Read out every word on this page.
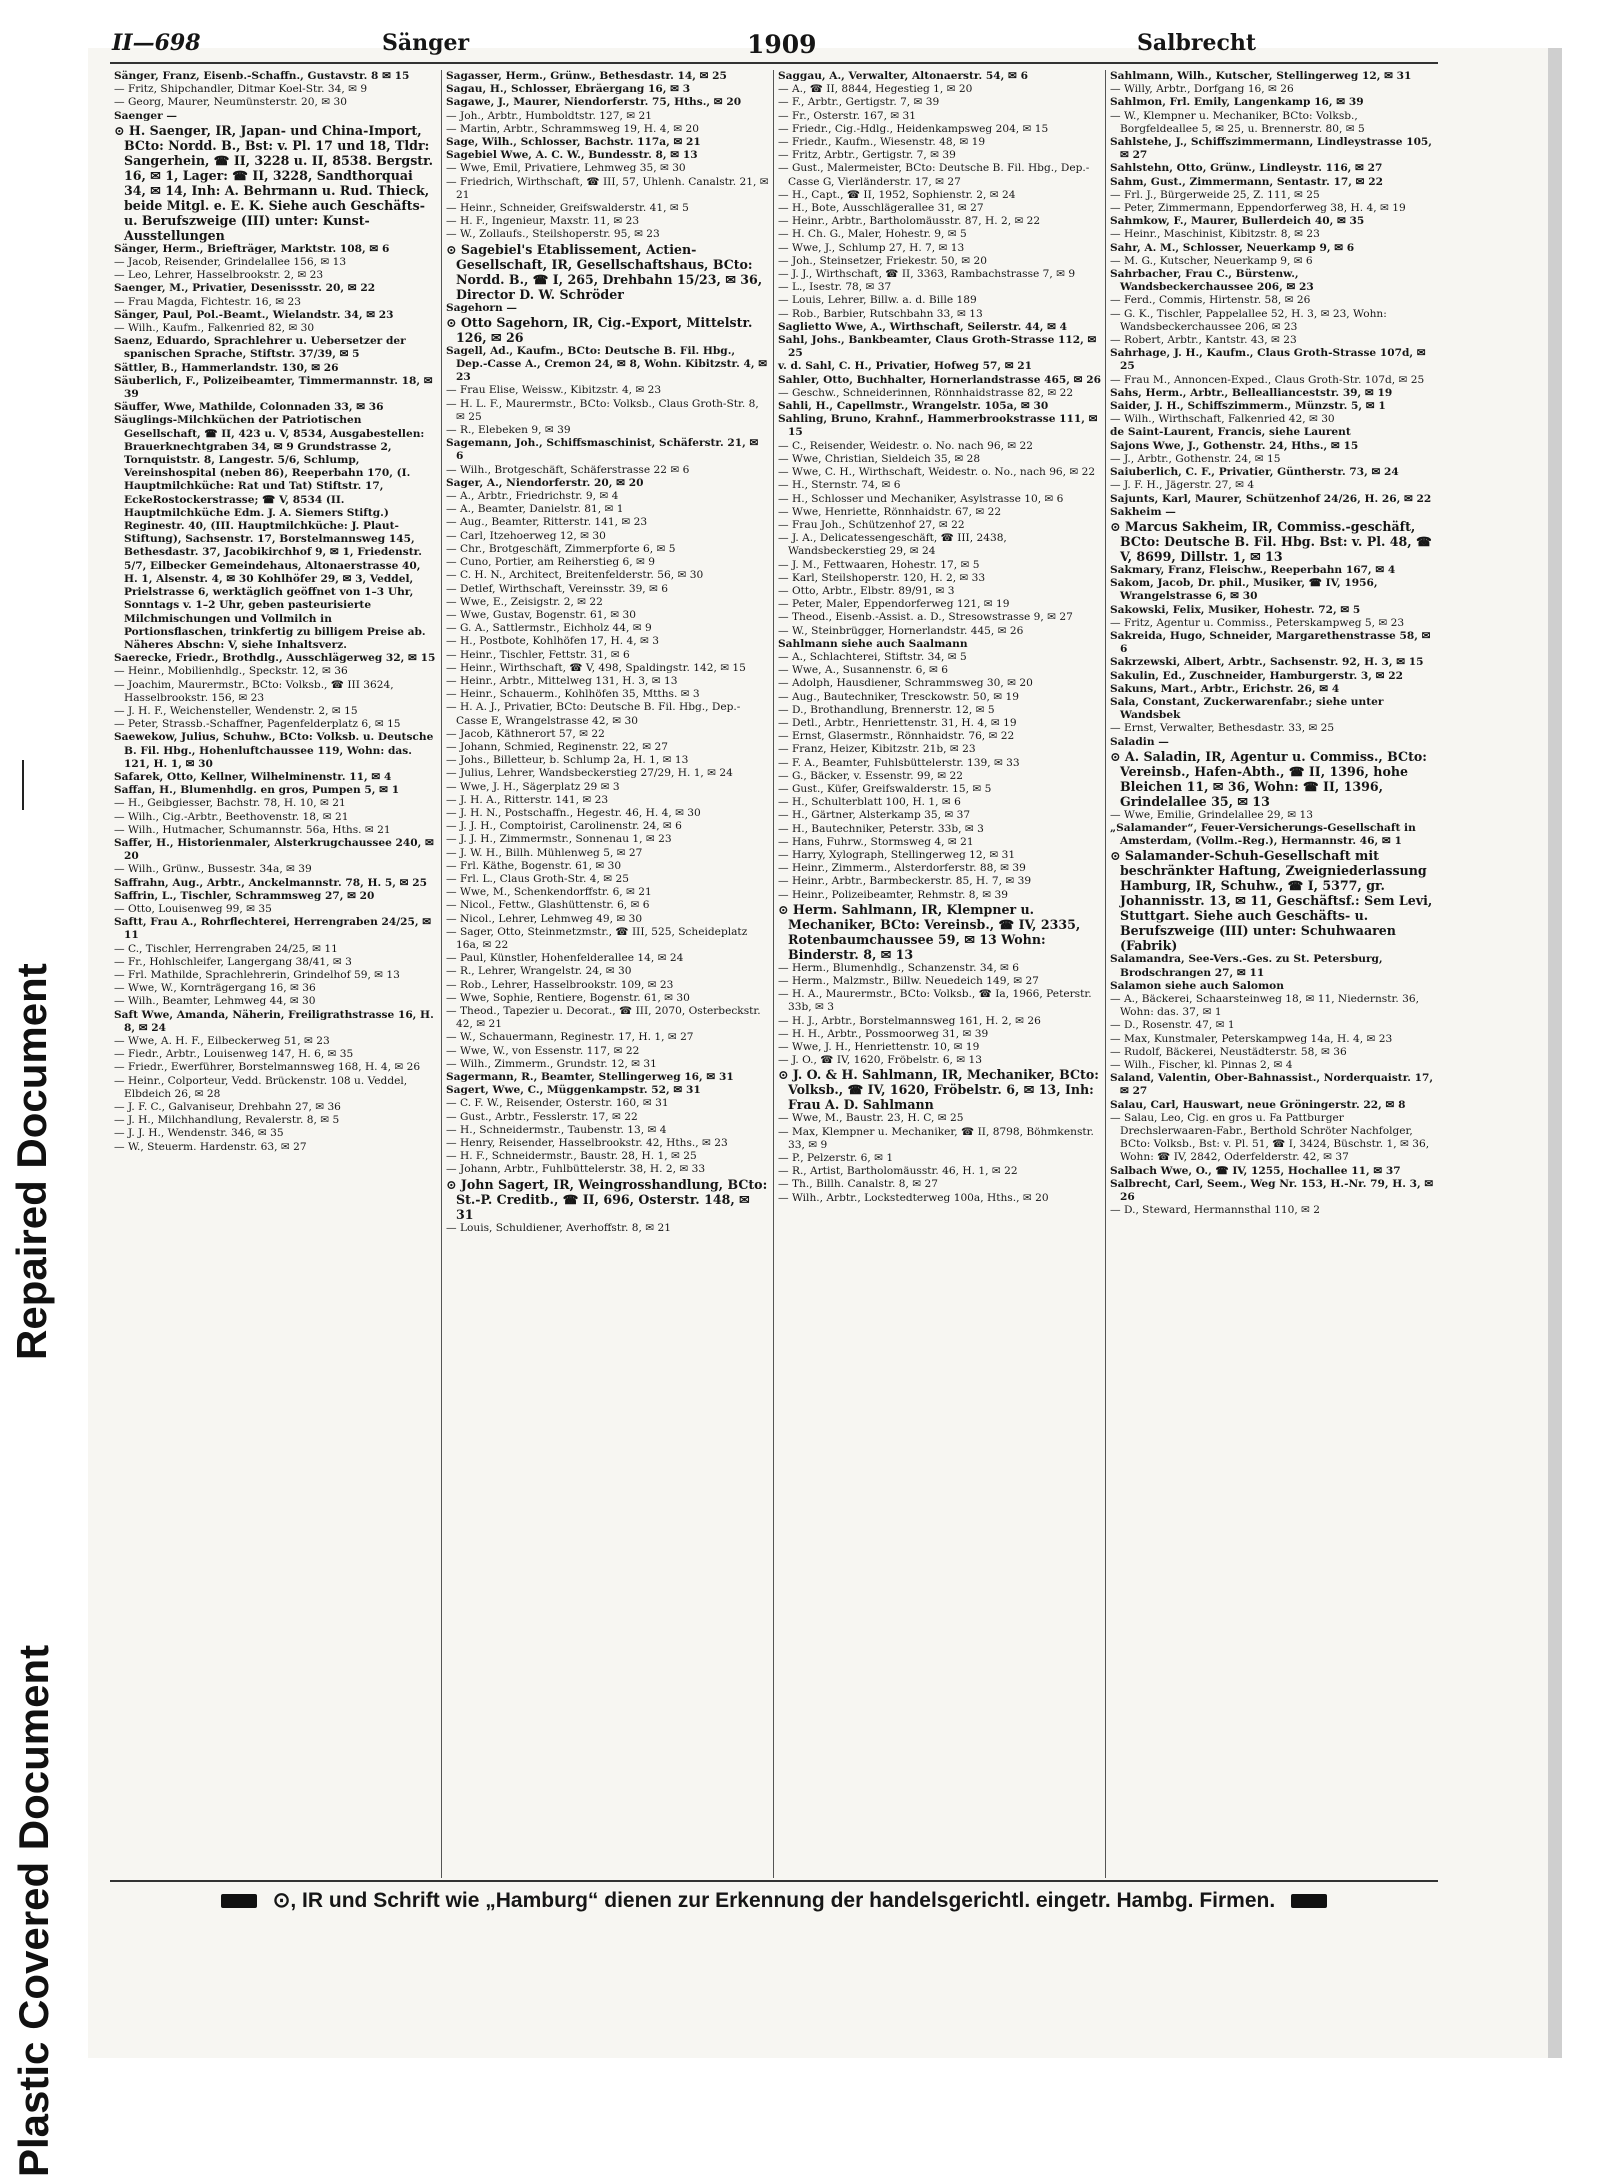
Repaired Document
Plastic Covered Document
II—698	Sänger	1909	Salbrecht

Sänger, Franz, Eisenb.-Schaffn., Gustavstr. 8 ✉ 15

— Fritz, Shipchandler, Ditmar Koel-Str. 34, ✉ 9

— Georg, Maurer, Neumünsterstr. 20, ✉ 30

Saenger —

⊙ H. Saenger, IR, Japan- und China-Import, BCto: Nordd. B., Bst: v. Pl. 17 und 18, Tldr: Sangerhein, ☎ II, 3228 u. II, 8538. Bergstr. 16, ✉ 1, Lager: ☎ II, 3228, Sandthorquai 34, ✉ 14, Inh: A. Behrmann u. Rud. Thieck, beide Mitgl. e. E. K. Siehe auch Geschäfts- u. Berufszweige (III) unter: Kunst-Ausstellungen

Sänger, Herm., Briefträger, Marktstr. 108, ✉ 6

— Jacob, Reisender, Grindelallee 156, ✉ 13

— Leo, Lehrer, Hasselbrookstr. 2, ✉ 23

Saenger, M., Privatier, Desenissstr. 20, ✉ 22

— Frau Magda, Fichtestr. 16, ✉ 23

Sänger, Paul, Pol.-Beamt., Wielandstr. 34, ✉ 23

— Wilh., Kaufm., Falkenried 82, ✉ 30

Saenz, Eduardo, Sprachlehrer u. Uebersetzer der spanischen Sprache, Stiftstr. 37/39, ✉ 5

Sättler, B., Hammerlandstr. 130, ✉ 26

Säuberlich, F., Polizeibeamter, Timmermannstr. 18, ✉ 39

Säuffer, Wwe, Mathilde, Colonnaden 33, ✉ 36

Säuglings-Milchküchen der Patriotischen Gesellschaft, ☎ II, 423 u. V, 8534, Ausgabestellen: Brauerknechtgraben 34, ✉ 9 Grundstrasse 2, Tornquiststr. 8, Langestr. 5/6, Schlump, Vereinshospital (neben 86), Reeperbahn 170, (I. Hauptmilchküche: Rat und Tat) Stiftstr. 17, EckeRostockerstrasse; ☎ V, 8534 (II. Hauptmilchküche Edm. J. A. Siemers Stiftg.) Reginestr. 40, (III. Hauptmilchküche: J. Plaut-Stiftung), Sachsenstr. 17, Borstelmannsweg 145, Bethesdastr. 37, Jacobikirchhof 9, ✉ 1, Friedenstr. 5/7, Eilbecker Gemeindehaus, Altonaerstrasse 40, H. 1, Alsenstr. 4, ✉ 30 Kohlhöfer 29, ✉ 3, Veddel, Prielstrasse 6, werktäglich geöffnet von 1–3 Uhr, Sonntags v. 1–2 Uhr, geben pasteurisierte Milchmischungen und Vollmilch in Portionsflaschen, trinkfertig zu billigem Preise ab. Näheres Abschn: V, siehe Inhaltsverz.

Saerecke, Friedr., Brothdlg., Ausschlägerweg 32, ✉ 15

— Heinr., Mobilienhdlg., Speckstr. 12, ✉ 36

— Joachim, Maurermstr., BCto: Volksb., ☎ III 3624, Hasselbrookstr. 156, ✉ 23

— J. H. F., Weichensteller, Wendenstr. 2, ✉ 15

— Peter, Strassb.-Schaffner, Pagenfelderplatz 6, ✉ 15

Saewekow, Julius, Schuhw., BCto: Volksb. u. Deutsche B. Fil. Hbg., Hohenluftchaussee 119, Wohn: das. 121, H. 1, ✉ 30

Safarek, Otto, Kellner, Wilhelminenstr. 11, ✉ 4

Saffan, H., Blumenhdlg. en gros, Pumpen 5, ✉ 1

— H., Geibgiesser, Bachstr. 78, H. 10, ✉ 21

— Wilh., Cig.-Arbtr., Beethovenstr. 18, ✉ 21

— Wilh., Hutmacher, Schumannstr. 56a, Hths. ✉ 21

Saffer, H., Historienmaler, Alsterkrugchaussee 240, ✉ 20

— Wilh., Grünw., Bussestr. 34a, ✉ 39

Saffrahn, Aug., Arbtr., Anckelmannstr. 78, H. 5, ✉ 25

Saffrin, L., Tischler, Schrammsweg 27, ✉ 20

— Otto, Louisenweg 99, ✉ 35

Saftt, Frau A., Rohrflechterei, Herrengraben 24/25, ✉ 11

— C., Tischler, Herrengraben 24/25, ✉ 11

— Fr., Hohlschleifer, Langergang 38/41, ✉ 3

— Frl. Mathilde, Sprachlehrerin, Grindelhof 59, ✉ 13

— Wwe, W., Kornträgergang 16, ✉ 36

— Wilh., Beamter, Lehmweg 44, ✉ 30

Saft Wwe, Amanda, Näherin, Freiligrathstrasse 16, H. 8, ✉ 24

— Wwe, A. H. F., Eilbeckerweg 51, ✉ 23

— Fiedr., Arbtr., Louisenweg 147, H. 6, ✉ 35

— Friedr., Ewerführer, Borstelmannsweg 168, H. 4, ✉ 26

— Heinr., Colporteur, Vedd. Brückenstr. 108 u. Veddel, Elbdeich 26, ✉ 28

— J. F. C., Galvaniseur, Drehbahn 27, ✉ 36

— J. H., Milchhandlung, Revalerstr. 8, ✉ 5

— J. J. H., Wendenstr. 346, ✉ 35

— W., Steuerm. Hardenstr. 63, ✉ 27

Sagasser, Herm., Grünw., Bethesdastr. 14, ✉ 25

Sagau, H., Schlosser, Ebräergang 16, ✉ 3

Sagawe, J., Maurer, Niendorferstr. 75, Hths., ✉ 20

— Joh., Arbtr., Humboldtstr. 127, ✉ 21

— Martin, Arbtr., Schrammsweg 19, H. 4, ✉ 20

Sage, Wilh., Schlosser, Bachstr. 117a, ✉ 21

Sagebiel Wwe, A. C. W., Bundesstr. 8, ✉ 13

— Wwe, Emil, Privatiere, Lehmweg 35, ✉ 30

— Friedrich, Wirthschaft, ☎ III, 57, Uhlenh. Canalstr. 21, ✉ 21

— Heinr., Schneider, Greifswalderstr. 41, ✉ 5

— H. F., Ingenieur, Maxstr. 11, ✉ 23

— W., Zollaufs., Steilshoperstr. 95, ✉ 23

⊙ Sagebiel's Etablissement, Actien-Gesellschaft, IR, Gesellschaftshaus, BCto: Nordd. B., ☎ I, 265, Drehbahn 15/23, ✉ 36, Director D. W. Schröder

Sagehorn —

⊙ Otto Sagehorn, IR, Cig.-Export, Mittelstr. 126, ✉ 26

Sagell, Ad., Kaufm., BCto: Deutsche B. Fil. Hbg., Dep.-Casse A., Cremon 24, ✉ 8, Wohn. Kibitzstr. 4, ✉ 23

— Frau Elise, Weissw., Kibitzstr. 4, ✉ 23

— H. L. F., Maurermstr., BCto: Volksb., Claus Groth-Str. 8, ✉ 25

— R., Elebeken 9, ✉ 39

Sagemann, Joh., Schiffsmaschinist, Schäferstr. 21, ✉ 6

— Wilh., Brotgeschäft, Schäferstrasse 22 ✉ 6

Sager, A., Niendorferstr. 20, ✉ 20

— A., Arbtr., Friedrichstr. 9, ✉ 4

— A., Beamter, Danielstr. 81, ✉ 1

— Aug., Beamter, Ritterstr. 141, ✉ 23

— Carl, Itzehoerweg 12, ✉ 30

— Chr., Brotgeschäft, Zimmerpforte 6, ✉ 5

— Cuno, Portier, am Reiherstieg 6, ✉ 9

— C. H. N., Architect, Breitenfelderstr. 56, ✉ 30

— Detlef, Wirthschaft, Vereinsstr. 39, ✉ 6

— Wwe, E., Zeisigstr. 2, ✉ 22

— Wwe, Gustav, Bogenstr. 61, ✉ 30

— G. A., Sattlermstr., Eichholz 44, ✉ 9

— H., Postbote, Kohlhöfen 17, H. 4, ✉ 3

— Heinr., Tischler, Fettstr. 31, ✉ 6

— Heinr., Wirthschaft, ☎ V, 498, Spaldingstr. 142, ✉ 15

— Heinr., Arbtr., Mittelweg 131, H. 3, ✉ 13

— Heinr., Schauerm., Kohlhöfen 35, Mtths. ✉ 3

— H. A. J., Privatier, BCto: Deutsche B. Fil. Hbg., Dep.-Casse E, Wrangelstrasse 42, ✉ 30

— Jacob, Käthnerort 57, ✉ 22

— Johann, Schmied, Reginenstr. 22, ✉ 27

— Johs., Billetteur, b. Schlump 2a, H. 1, ✉ 13

— Julius, Lehrer, Wandsbeckerstieg 27/29, H. 1, ✉ 24

— Wwe, J. H., Sägerplatz 29 ✉ 3

— J. H. A., Ritterstr. 141, ✉ 23

— J. H. N., Postschaffn., Hegestr. 46, H. 4, ✉ 30

— J. J. H., Comptoirist, Carolinenstr. 24, ✉ 6

— J. J. H., Zimmermstr., Sonnenau 1, ✉ 23

— J. W. H., Billh. Mühlenweg 5, ✉ 27

— Frl. Käthe, Bogenstr. 61, ✉ 30

— Frl. L., Claus Groth-Str. 4, ✉ 25

— Wwe, M., Schenkendorffstr. 6, ✉ 21

— Nicol., Fettw., Glashüttenstr. 6, ✉ 6

— Nicol., Lehrer, Lehmweg 49, ✉ 30

— Sager, Otto, Steinmetzmstr., ☎ III, 525, Scheideplatz 16a, ✉ 22

— Paul, Künstler, Hohenfelderallee 14, ✉ 24

— R., Lehrer, Wrangelstr. 24, ✉ 30

— Rob., Lehrer, Hasselbrookstr. 109, ✉ 23

— Wwe, Sophie, Rentiere, Bogenstr. 61, ✉ 30

— Theod., Tapezier u. Decorat., ☎ III, 2070, Osterbeckstr. 42, ✉ 21

— W., Schauermann, Reginestr. 17, H. 1, ✉ 27

— Wwe, W., von Essenstr. 117, ✉ 22

— Wilh., Zimmerm., Grundstr. 12, ✉ 31

Sagermann, R., Beamter, Stellingerweg 16, ✉ 31

Sagert, Wwe, C., Müggenkampstr. 52, ✉ 31

— C. F. W., Reisender, Osterstr. 160, ✉ 31

— Gust., Arbtr., Fesslerstr. 17, ✉ 22

— H., Schneidermstr., Taubenstr. 13, ✉ 4

— Henry, Reisender, Hasselbrookstr. 42, Hths., ✉ 23

— H. F., Schneidermstr., Baustr. 28, H. 1, ✉ 25

— Johann, Arbtr., Fuhlbüttelerstr. 38, H. 2, ✉ 33

⊙ John Sagert, IR, Weingrosshandlung, BCto: St.-P. Creditb., ☎ II, 696, Osterstr. 148, ✉ 31

— Louis, Schuldiener, Averhoffstr. 8, ✉ 21

Saggau, A., Verwalter, Altonaerstr. 54, ✉ 6

— A., ☎ II, 8844, Hegestieg 1, ✉ 20

— F., Arbtr., Gertigstr. 7, ✉ 39

— Fr., Osterstr. 167, ✉ 31

— Friedr., Cig.-Hdlg., Heidenkampsweg 204, ✉ 15

— Friedr., Kaufm., Wiesenstr. 48, ✉ 19

— Fritz, Arbtr., Gertigstr. 7, ✉ 39

— Gust., Malermeister, BCto: Deutsche B. Fil. Hbg., Dep.-Casse G, Vierländerstr. 17, ✉ 27

— H., Capt., ☎ II, 1952, Sophienstr. 2, ✉ 24

— H., Bote, Ausschlägerallee 31, ✉ 27

— Heinr., Arbtr., Bartholomäusstr. 87, H. 2, ✉ 22

— H. Ch. G., Maler, Hohestr. 9, ✉ 5

— Wwe, J., Schlump 27, H. 7, ✉ 13

— Joh., Steinsetzer, Friekestr. 50, ✉ 20

— J. J., Wirthschaft, ☎ II, 3363, Rambachstrasse 7, ✉ 9

— L., Isestr. 78, ✉ 37

— Louis, Lehrer, Billw. a. d. Bille 189

— Rob., Barbier, Rutschbahn 33, ✉ 13

Saglietto Wwe, A., Wirthschaft, Seilerstr. 44, ✉ 4

Sahl, Johs., Bankbeamter, Claus Groth-Strasse 112, ✉ 25

v. d. Sahl, C. H., Privatier, Hofweg 57, ✉ 21

Sahler, Otto, Buchhalter, Hornerlandstrasse 465, ✉ 26

— Geschw., Schneiderinnen, Rönnhaidstrasse 82, ✉ 22

Sahli, H., Capellmstr., Wrangelstr. 105a, ✉ 30

Sahling, Bruno, Krahnf., Hammerbrookstrasse 111, ✉ 15

— C., Reisender, Weidestr. o. No. nach 96, ✉ 22

— Wwe, Christian, Sieldeich 35, ✉ 28

— Wwe, C. H., Wirthschaft, Weidestr. o. No., nach 96, ✉ 22

— H., Sternstr. 74, ✉ 6

— H., Schlosser und Mechaniker, Asylstrasse 10, ✉ 6

— Wwe, Henriette, Rönnhaidstr. 67, ✉ 22

— Frau Joh., Schützenhof 27, ✉ 22

— J. A., Delicatessengeschäft, ☎ III, 2438, Wandsbeckerstieg 29, ✉ 24

— J. M., Fettwaaren, Hohestr. 17, ✉ 5

— Karl, Steilshoperstr. 120, H. 2, ✉ 33

— Otto, Arbtr., Elbstr. 89/91, ✉ 3

— Peter, Maler, Eppendorferweg 121, ✉ 19

— Theod., Eisenb.-Assist. a. D., Stresowstrasse 9, ✉ 27

— W., Steinbrügger, Hornerlandstr. 445, ✉ 26

Sahlmann siehe auch Saalmann

— A., Schlachterei, Stiftstr. 34, ✉ 5

— Wwe, A., Susannenstr. 6, ✉ 6

— Adolph, Hausdiener, Schrammsweg 30, ✉ 20

— Aug., Bautechniker, Tresckowstr. 50, ✉ 19

— D., Brothandlung, Brennerstr. 12, ✉ 5

— Detl., Arbtr., Henriettenstr. 31, H. 4, ✉ 19

— Ernst, Glasermstr., Rönnhaidstr. 76, ✉ 22

— Franz, Heizer, Kibitzstr. 21b, ✉ 23

— F. A., Beamter, Fuhlsbüttelerstr. 139, ✉ 33

— G., Bäcker, v. Essenstr. 99, ✉ 22

— Gust., Küfer, Greifswalderstr. 15, ✉ 5

— H., Schulterblatt 100, H. 1, ✉ 6

— H., Gärtner, Alsterkamp 35, ✉ 37

— H., Bautechniker, Peterstr. 33b, ✉ 3

— Hans, Fuhrw., Stormsweg 4, ✉ 21

— Harry, Xylograph, Stellingerweg 12, ✉ 31

— Heinr., Zimmerm., Alsterdorferstr. 88, ✉ 39

— Heinr., Arbtr., Barmbeckerstr. 85, H. 7, ✉ 39

— Heinr., Polizeibeamter, Rehmstr. 8, ✉ 39

⊙ Herm. Sahlmann, IR, Klempner u. Mechaniker, BCto: Vereinsb., ☎ IV, 2335, Rotenbaumchaussee 59, ✉ 13 Wohn: Binderstr. 8, ✉ 13

— Herm., Blumenhdlg., Schanzenstr. 34, ✉ 6

— Herm., Malzmstr., Billw. Neuedeich 149, ✉ 27

— H. A., Maurermstr., BCto: Volksb., ☎ Ia, 1966, Peterstr. 33b, ✉ 3

— H. J., Arbtr., Borstelmannsweg 161, H. 2, ✉ 26

— H. H., Arbtr., Possmoorweg 31, ✉ 39

— Wwe, J. H., Henriettenstr. 10, ✉ 19

— J. O., ☎ IV, 1620, Fröbelstr. 6, ✉ 13

⊙ J. O. & H. Sahlmann, IR, Mechaniker, BCto: Volksb., ☎ IV, 1620, Fröbelstr. 6, ✉ 13, Inh: Frau A. D. Sahlmann

— Wwe, M., Baustr. 23, H. C, ✉ 25

— Max, Klempner u. Mechaniker, ☎ II, 8798, Böhmkenstr. 33, ✉ 9

— P., Pelzerstr. 6, ✉ 1

— R., Artist, Bartholomäusstr. 46, H. 1, ✉ 22

— Th., Billh. Canalstr. 8, ✉ 27

— Wilh., Arbtr., Lockstedterweg 100a, Hths., ✉ 20

Sahlmann, Wilh., Kutscher, Stellingerweg 12, ✉ 31

— Willy, Arbtr., Dorfgang 16, ✉ 26

Sahlmon, Frl. Emily, Langenkamp 16, ✉ 39

— W., Klempner u. Mechaniker, BCto: Volksb., Borgfeldeallee 5, ✉ 25, u. Brennerstr. 80, ✉ 5

Sahlstehe, J., Schiffszimmermann, Lindleystrasse 105, ✉ 27

Sahlstehn, Otto, Grünw., Lindleystr. 116, ✉ 27

Sahm, Gust., Zimmermann, Sentastr. 17, ✉ 22

— Frl. J., Bürgerweide 25, Z. 111, ✉ 25

— Peter, Zimmermann, Eppendorferweg 38, H. 4, ✉ 19

Sahmkow, F., Maurer, Bullerdeich 40, ✉ 35

— Heinr., Maschinist, Kibitzstr. 8, ✉ 23

Sahr, A. M., Schlosser, Neuerkamp 9, ✉ 6

— M. G., Kutscher, Neuerkamp 9, ✉ 6

Sahrbacher, Frau C., Bürstenw., Wandsbeckerchaussee 206, ✉ 23

— Ferd., Commis, Hirtenstr. 58, ✉ 26

— G. K., Tischler, Pappelallee 52, H. 3, ✉ 23, Wohn: Wandsbeckerchaussee 206, ✉ 23

— Robert, Arbtr., Kantstr. 43, ✉ 23

Sahrhage, J. H., Kaufm., Claus Groth-Strasse 107d, ✉ 25

— Frau M., Annoncen-Exped., Claus Groth-Str. 107d, ✉ 25

Sahs, Herm., Arbtr., Belleallianceststr. 39, ✉ 19

Saider, J. H., Schiffszimmerm., Münzstr. 5, ✉ 1

— Wilh., Wirthschaft, Falkenried 42, ✉ 30

de Saint-Laurent, Francis, siehe Laurent

Sajons Wwe, J., Gothenstr. 24, Hths., ✉ 15

— J., Arbtr., Gothenstr. 24, ✉ 15

Saiuberlich, C. F., Privatier, Güntherstr. 73, ✉ 24

— J. F. H., Jägerstr. 27, ✉ 4

Sajunts, Karl, Maurer, Schützenhof 24/26, H. 26, ✉ 22

Sakheim —

⊙ Marcus Sakheim, IR, Commiss.-geschäft, BCto: Deutsche B. Fil. Hbg. Bst: v. Pl. 48, ☎ V, 8699, Dillstr. 1, ✉ 13

Sakmary, Franz, Fleischw., Reeperbahn 167, ✉ 4

Sakom, Jacob, Dr. phil., Musiker, ☎ IV, 1956, Wrangelstrasse 6, ✉ 30

Sakowski, Felix, Musiker, Hohestr. 72, ✉ 5

— Fritz, Agentur u. Commiss., Peterskampweg 5, ✉ 23

Sakreida, Hugo, Schneider, Margarethenstrasse 58, ✉ 6

Sakrzewski, Albert, Arbtr., Sachsenstr. 92, H. 3, ✉ 15

Sakulin, Ed., Zuschneider, Hamburgerstr. 3, ✉ 22

Sakuns, Mart., Arbtr., Erichstr. 26, ✉ 4

Sala, Constant, Zuckerwarenfabr.; siehe unter Wandsbek

— Ernst, Verwalter, Bethesdastr. 33, ✉ 25

Saladin —

⊙ A. Saladin, IR, Agentur u. Commiss., BCto: Vereinsb., Hafen-Abth., ☎ II, 1396, hohe Bleichen 11, ✉ 36, Wohn: ☎ II, 1396, Grindelallee 35, ✉ 13

— Wwe, Emilie, Grindelallee 29, ✉ 13

„Salamander“, Feuer-Versicherungs-Gesellschaft in Amsterdam, (Vollm.-Reg.), Hermannstr. 46, ✉ 1

⊙ Salamander-Schuh-Gesellschaft mit beschränkter Haftung, Zweigniederlassung Hamburg, IR, Schuhw., ☎ I, 5377, gr. Johannisstr. 13, ✉ 11, Geschäftsf.: Sem Levi, Stuttgart. Siehe auch Geschäfts- u. Berufszweige (III) unter: Schuhwaaren (Fabrik)

Salamandra, See-Vers.-Ges. zu St. Petersburg, Brodschrangen 27, ✉ 11

Salamon siehe auch Salomon

— A., Bäckerei, Schaarsteinweg 18, ✉ 11, Niedernstr. 36, Wohn: das. 37, ✉ 1

— D., Rosenstr. 47, ✉ 1

— Max, Kunstmaler, Peterskampweg 14a, H. 4, ✉ 23

— Rudolf, Bäckerei, Neustädterstr. 58, ✉ 36

— Wilh., Fischer, kl. Pinnas 2, ✉ 4

Saland, Valentin, Ober-Bahnassist., Norderquaistr. 17, ✉ 27

Salau, Carl, Hauswart, neue Gröningerstr. 22, ✉ 8

— Salau, Leo, Cig. en gros u. Fa Pattburger Drechslerwaaren-Fabr., Berthold Schröter Nachfolger, BCto: Volksb., Bst: v. Pl. 51, ☎ I, 3424, Büschstr. 1, ✉ 36, Wohn: ☎ IV, 2842, Oderfelderstr. 42, ✉ 37

Salbach Wwe, O., ☎ IV, 1255, Hochallee 11, ✉ 37

Salbrecht, Carl, Seem., Weg Nr. 153, H.-Nr. 79, H. 3, ✉ 26

— D., Steward, Hermannsthal 110, ✉ 2

⊙, IR und Schrift wie „Hamburg“ dienen zur Erkennung der handelsgerichtl. eingetr. Hambg. Firmen.
